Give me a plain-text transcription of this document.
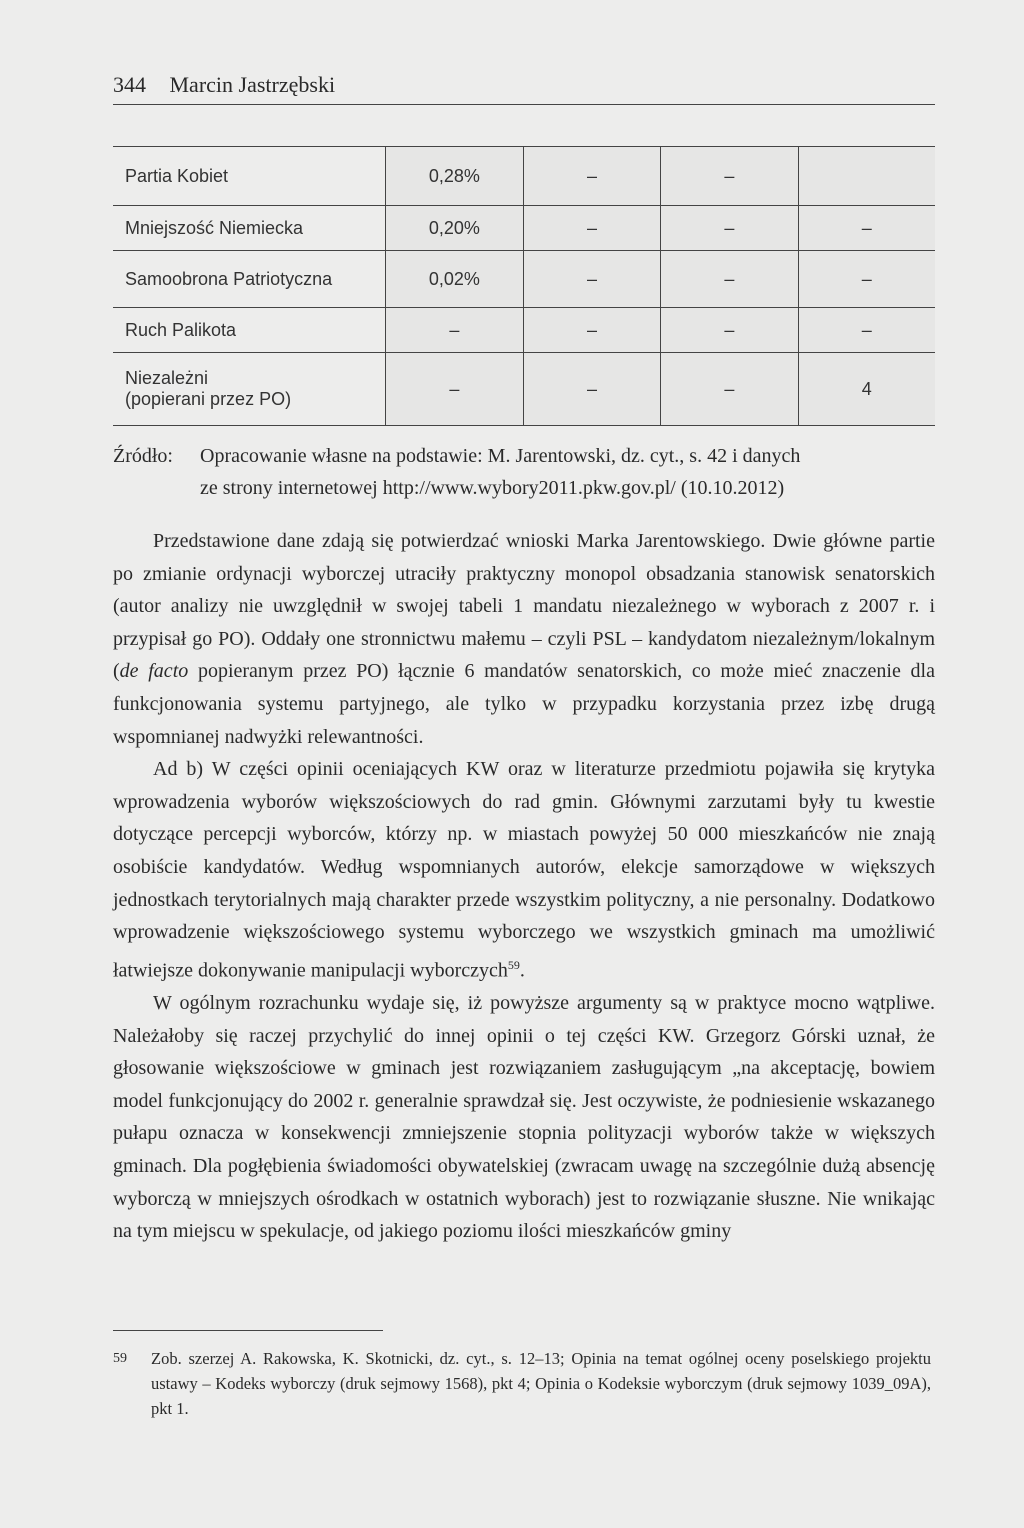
344 Marcin Jastrzębski
Partia Kobiet	0,28%	–	–	
Mniejszość Niemiecka	0,20%	–	–	–
Samoobrona Patriotyczna	0,02%	–	–	–
Ruch Palikota	–	–	–	–

Niezależni
(popierani przez PO)	–	–	–	4
Źródło: Opracowanie własne na podstawie: M. Jarentowski, dz. cyt., s. 42 i danych
ze strony internetowej http://www.wybory2011.pkw.gov.pl/ (10.10.2012)

Przedstawione dane zdają się potwierdzać wnioski Marka Jarentowskiego. Dwie główne partie po zmianie ordynacji wyborczej utraciły praktyczny monopol obsadzania stanowisk senatorskich (autor analizy nie uwzględnił w swojej tabeli 1 mandatu niezależnego w wyborach z 2007 r. i przypisał go PO). Oddały one stronnictwu małemu – czyli PSL – kandydatom niezależnym/lokalnym (de facto popieranym przez PO) łącznie 6 mandatów senatorskich, co może mieć znaczenie dla funkcjonowania systemu partyjnego, ale tylko w przypadku korzystania przez izbę drugą wspomnianej nadwyżki relewantności.

Ad b) W części opinii oceniających KW oraz w literaturze przedmiotu pojawiła się krytyka wprowadzenia wyborów większościowych do rad gmin. Głównymi zarzutami były tu kwestie dotyczące percepcji wyborców, którzy np. w miastach powyżej 50 000 mieszkańców nie znają osobiście kandydatów. Według wspomnianych autorów, elekcje samorządowe w większych jednostkach terytorialnych mają charakter przede wszystkim polityczny, a nie personalny. Dodatkowo wprowadzenie większościowego systemu wyborczego we wszystkich gminach ma umożliwić łatwiejsze dokonywanie manipulacji wyborczych$^{59}$.

W ogólnym rozrachunku wydaje się, iż powyższe argumenty są w praktyce mocno wątpliwe. Należałoby się raczej przychylić do innej opinii o tej części KW. Grzegorz Górski uznał, że głosowanie większościowe w gminach jest rozwiązaniem zasługującym „na akceptację, bowiem model funkcjonujący do 2002 r. generalnie sprawdzał się. Jest oczywiste, że podniesienie wskazanego pułapu oznacza w konsekwencji zmniejszenie stopnia polityzacji wyborów także w większych gminach. Dla pogłębienia świadomości obywatelskiej (zwracam uwagę na szczególnie dużą absencję wyborczą w mniejszych ośrodkach w ostatnich wyborach) jest to rozwiązanie słuszne. Nie wnikając na tym miejscu w spekulacje, od jakiego poziomu ilości mieszkańców gminy

59 Zob. szerzej A. Rakowska, K. Skotnicki, dz. cyt., s. 12–13; Opinia na temat ogólnej oceny poselskiego projektu ustawy – Kodeks wyborczy (druk sejmowy 1568), pkt 4; Opinia o Kodeksie wyborczym (druk sejmowy 1039_09A), pkt 1.
